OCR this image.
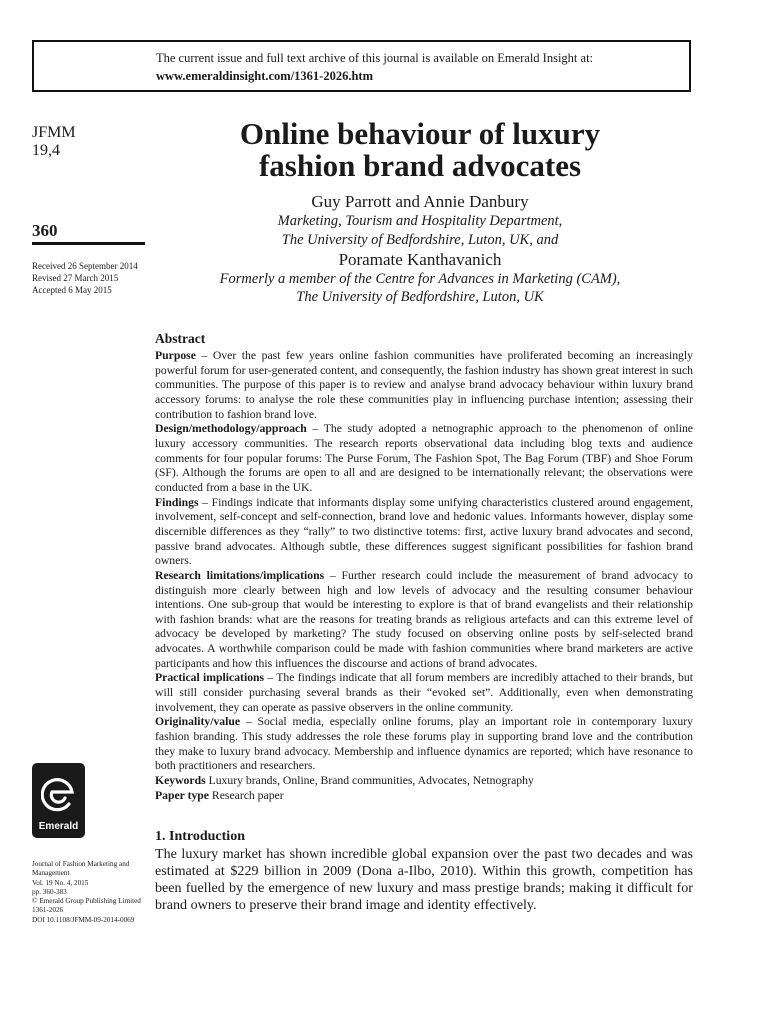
The current issue and full text archive of this journal is available on Emerald Insight at:
www.emeraldinsight.com/1361-2026.htm
JFMM
19,4
360
Received 26 September 2014
Revised 27 March 2015
Accepted 6 May 2015
Online behaviour of luxury
fashion brand advocates
Guy Parrott and Annie Danbury
Marketing, Tourism and Hospitality Department,
The University of Bedfordshire, Luton, UK, and
Poramate Kanthavanich
Formerly a member of the Centre for Advances in Marketing (CAM),
The University of Bedfordshire, Luton, UK
Abstract

Purpose – Over the past few years online fashion communities have proliferated becoming an increasingly powerful forum for user-generated content, and consequently, the fashion industry has shown great interest in such communities. The purpose of this paper is to review and analyse brand advocacy behaviour within luxury brand accessory forums: to analyse the role these communities play in influencing purchase intention; assessing their contribution to fashion brand love.

Design/methodology/approach – The study adopted a netnographic approach to the phenomenon of online luxury accessory communities. The research reports observational data including blog texts and audience comments for four popular forums: The Purse Forum, The Fashion Spot, The Bag Forum (TBF) and Shoe Forum (SF). Although the forums are open to all and are designed to be internationally relevant; the observations were conducted from a base in the UK.

Findings – Findings indicate that informants display some unifying characteristics clustered around engagement, involvement, self-concept and self-connection, brand love and hedonic values. Informants however, display some discernible differences as they “rally” to two distinctive totems: first, active luxury brand advocates and second, passive brand advocates. Although subtle, these differences suggest significant possibilities for fashion brand owners.

Research limitations/implications – Further research could include the measurement of brand advocacy to distinguish more clearly between high and low levels of advocacy and the resulting consumer behaviour intentions. One sub-group that would be interesting to explore is that of brand evangelists and their relationship with fashion brands: what are the reasons for treating brands as religious artefacts and can this extreme level of advocacy be developed by marketing? The study focused on observing online posts by self-selected brand advocates. A worthwhile comparison could be made with fashion communities where brand marketers are active participants and how this influences the discourse and actions of brand advocates.

Practical implications – The findings indicate that all forum members are incredibly attached to their brands, but will still consider purchasing several brands as their “evoked set”. Additionally, even when demonstrating involvement, they can operate as passive observers in the online community.

Originality/value – Social media, especially online forums, play an important role in contemporary luxury fashion branding. This study addresses the role these forums play in supporting brand love and the contribution they make to luxury brand advocacy. Membership and influence dynamics are reported; which have resonance to both practitioners and researchers.

Keywords Luxury brands, Online, Brand communities, Advocates, Netnography

Paper type Research paper

1. Introduction
The luxury market has shown incredible global expansion over the past two decades and was estimated at $229 billion in 2009 (Dona a-Ilbo, 2010). Within this growth, competition has been fuelled by the emergence of new luxury and mass prestige brands; making it difficult for brand owners to preserve their brand image and identity effectively.
Emerald
Journal of Fashion Marketing and
Management
Vol. 19 No. 4, 2015
pp. 360-383
© Emerald Group Publishing Limited
1361-2026
DOI 10.1108/JFMM-09-2014-0069
